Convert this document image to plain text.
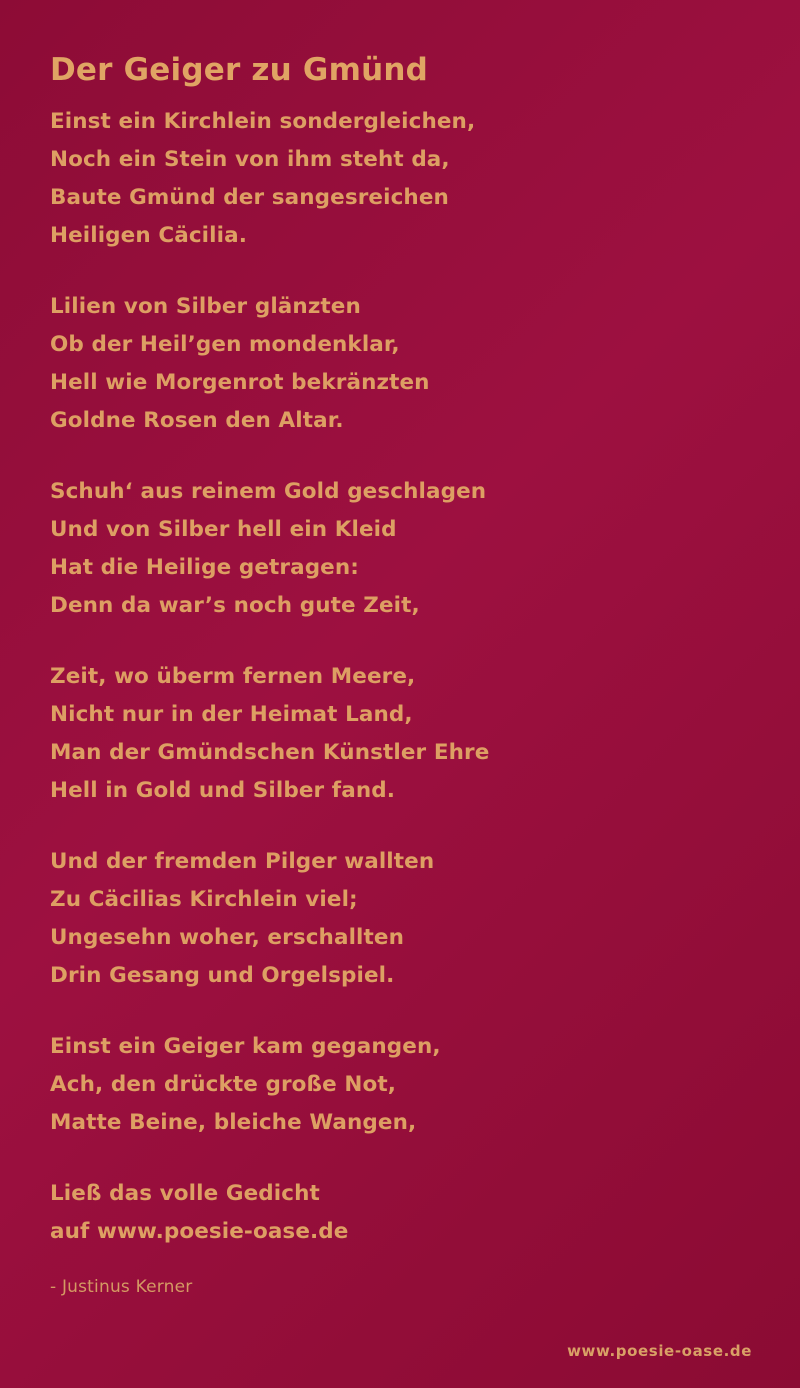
Der Geiger zu Gmünd
Einst ein Kirchlein sondergleichen,
Noch ein Stein von ihm steht da,
Baute Gmünd der sangesreichen
Heiligen Cäcilia.
Lilien von Silber glänzten
Ob der Heil’gen mondenklar,
Hell wie Morgenrot bekränzten
Goldne Rosen den Altar.
Schuh‘ aus reinem Gold geschlagen
Und von Silber hell ein Kleid
Hat die Heilige getragen:
Denn da war’s noch gute Zeit,
Zeit, wo überm fernen Meere,
Nicht nur in der Heimat Land,
Man der Gmündschen Künstler Ehre
Hell in Gold und Silber fand.
Und der fremden Pilger wallten
Zu Cäcilias Kirchlein viel;
Ungesehn woher, erschallten
Drin Gesang und Orgelspiel.
Einst ein Geiger kam gegangen,
Ach, den drückte große Not,
Matte Beine, bleiche Wangen,
Ließ das volle Gedicht
auf www.poesie-oase.de
- Justinus Kerner
www.poesie-oase.de
